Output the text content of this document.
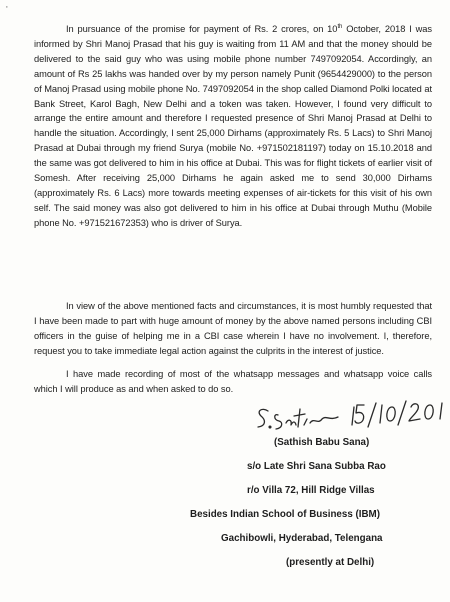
·

In pursuance of the promise for payment of Rs. 2 crores, on 10th October, 2018 I was informed by Shri Manoj Prasad that his guy is waiting from 11 AM and that the money should be delivered to the said guy who was using mobile phone number 7497092054. Accordingly, an amount of Rs 25 lakhs was handed over by my person namely Punit (9654429000) to the person of Manoj Prasad using mobile phone No. 7497092054 in the shop called Diamond Polki located at Bank Street, Karol Bagh, New Delhi and a token was taken. However, I found very difficult to arrange the entire amount and therefore I requested presence of Shri Manoj Prasad at Delhi to handle the situation. Accordingly, I sent 25,000 Dirhams (approximately Rs. 5 Lacs) to Shri Manoj Prasad at Dubai through my friend Surya (mobile No. +971502181197) today on 15.10.2018 and the same was got delivered to him in his office at Dubai. This was for flight tickets of earlier visit of Somesh. After receiving 25,000 Dirhams he again asked me to send 30,000 Dirhams (approximately Rs. 6 Lacs) more towards meeting expenses of air-tickets for this visit of his own self. The said money was also got delivered to him in his office at Dubai through Muthu (Mobile phone No. +971521672353) who is driver of Surya.

In view of the above mentioned facts and circumstances, it is most humbly requested that I have been made to part with huge amount of money by the above named persons including CBI officers in the guise of helping me in a CBI case wherein I have no involvement. I, therefore, request you to take immediate legal action against the culprits in the interest of justice.

I have made recording of most of the whatsapp messages and whatsapp voice calls which I will produce as and when asked to do so.

(Sathish Babu Sana)
s/o Late Shri Sana Subba Rao
r/o Villa 72, Hill Ridge Villas
Besides Indian School of Business (IBM)
Gachibowli, Hyderabad, Telengana
(presently at Delhi)
